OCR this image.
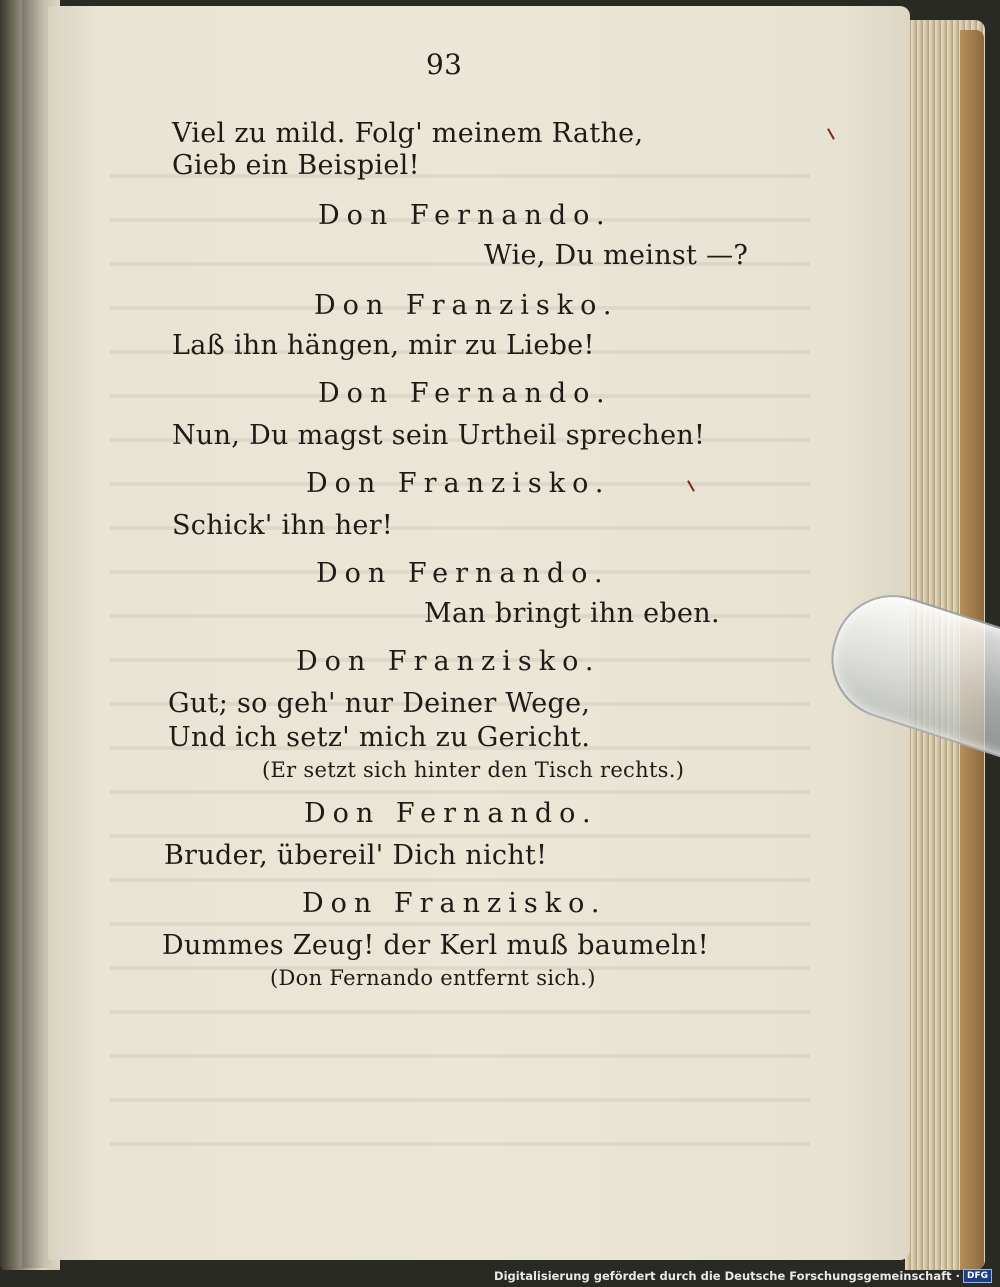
93
Viel zu mild. Folg' meinem Rathe,
Gieb ein Beispiel!
Don Fernando.
Wie, Du meinst —?
Don Franzisko.
Laß ihn hängen, mir zu Liebe!
Don Fernando.
Nun, Du magst sein Urtheil sprechen!
Don Franzisko.
Schick' ihn her!
Don Fernando.
Man bringt ihn eben.
Don Franzisko.
Gut; so geh' nur Deiner Wege,
Und ich setz' mich zu Gericht.
(Er setzt sich hinter den Tisch rechts.)
Don Fernando.
Bruder, übereil' Dich nicht!
Don Franzisko.
Dummes Zeug! der Kerl muß baumeln!
(Don Fernando entfernt sich.)
Digitalisierung gefördert durch die Deutsche Forschungsgemeinschaft · DFG
